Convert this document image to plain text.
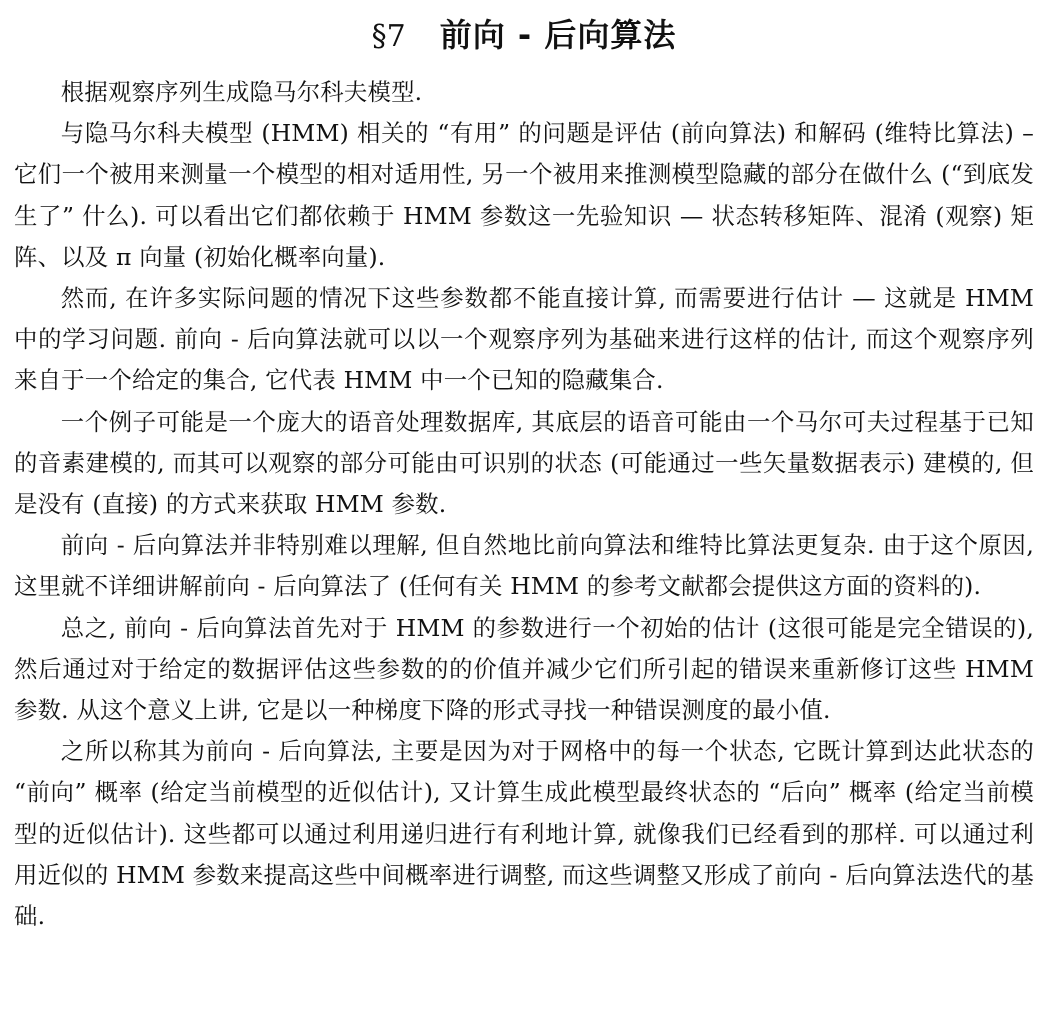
§7 前向 - 后向算法

根据观察序列生成隐马尔科夫模型.

与隐马尔科夫模型 (HMM) 相关的 “有用” 的问题是评估 (前向算法) 和解码 (维特比算法) – 它们一个被用来测量一个模型的相对适用性, 另一个被用来推测模型隐藏的部分在做什么 (“到底发生了” 什么). 可以看出它们都依赖于 HMM 参数这一先验知识 — 状态转移矩阵、混淆 (观察) 矩阵、以及 π 向量 (初始化概率向量).

然而, 在许多实际问题的情况下这些参数都不能直接计算, 而需要进行估计 — 这就是 HMM 中的学习问题. 前向 - 后向算法就可以以一个观察序列为基础来进行这样的估计, 而这个观察序列来自于一个给定的集合, 它代表 HMM 中一个已知的隐藏集合.

一个例子可能是一个庞大的语音处理数据库, 其底层的语音可能由一个马尔可夫过程基于已知的音素建模的, 而其可以观察的部分可能由可识别的状态 (可能通过一些矢量数据表示) 建模的, 但是没有 (直接) 的方式来获取 HMM 参数.

前向 - 后向算法并非特别难以理解, 但自然地比前向算法和维特比算法更复杂. 由于这个原因, 这里就不详细讲解前向 - 后向算法了 (任何有关 HMM 的参考文献都会提供这方面的资料的).

总之, 前向 - 后向算法首先对于 HMM 的参数进行一个初始的估计 (这很可能是完全错误的), 然后通过对于给定的数据评估这些参数的的价值并减少它们所引起的错误来重新修订这些 HMM 参数. 从这个意义上讲, 它是以一种梯度下降的形式寻找一种错误测度的最小值.

之所以称其为前向 - 后向算法, 主要是因为对于网格中的每一个状态, 它既计算到达此状态的 “前向” 概率 (给定当前模型的近似估计), 又计算生成此模型最终状态的 “后向” 概率 (给定当前模型的近似估计). 这些都可以通过利用递归进行有利地计算, 就像我们已经看到的那样. 可以通过利用近似的 HMM 参数来提高这些中间概率进行调整, 而这些调整又形成了前向 - 后向算法迭代的基础.
